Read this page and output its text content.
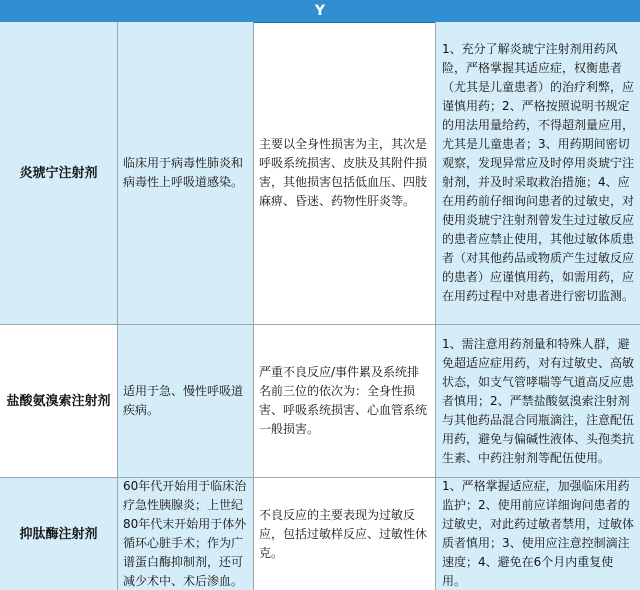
Y
炎琥宁注射剂
临床用于病毒性肺炎和病毒性上呼吸道感染。
主要以全身性损害为主，其次是呼吸系统损害、皮肤及其附件损害，其他损害包括低血压、四肢麻痹、昏迷、药物性肝炎等。
1、充分了解炎琥宁注射剂用药风险，严格掌握其适应症，权衡患者（尤其是儿童患者）的治疗利弊，应谨慎用药；2、严格按照说明书规定的用法用量给药，不得超剂量应用，尤其是儿童患者；3、用药期间密切观察，发现异常应及时停用炎琥宁注射剂，并及时采取救治措施；4、应在用药前仔细询问患者的过敏史，对使用炎琥宁注射剂曾发生过过敏反应的患者应禁止使用，其他过敏体质患者（对其他药品或物质产生过敏反应的患者）应谨慎用药，如需用药，应在用药过程中对患者进行密切监测。
盐酸氨溴索注射剂
适用于急、慢性呼吸道疾病。
严重不良反应/事件累及系统排名前三位的依次为：全身性损害、呼吸系统损害、心血管系统一般损害。
1、需注意用药剂量和特殊人群，避免超适应症用药，对有过敏史、高敏状态，如支气管哮喘等气道高反应患者慎用；2、严禁盐酸氨溴索注射剂与其他药品混合同瓶滴注，注意配伍用药，避免与偏碱性液体、头孢类抗生素、中药注射剂等配伍使用。
抑肽酶注射剂
60年代开始用于临床治疗急性胰腺炎；上世纪80年代末开始用于体外循环心脏手术；作为广谱蛋白酶抑制剂，还可减少术中、术后渗血。
不良反应的主要表现为过敏反应，包括过敏样反应、过敏性休克。
1、严格掌握适应症，加强临床用药监护；2、使用前应详细询问患者的过敏史，对此药过敏者禁用，过敏体质者慎用；3、使用应注意控制滴注速度；4、避免在6个月内重复使用。
